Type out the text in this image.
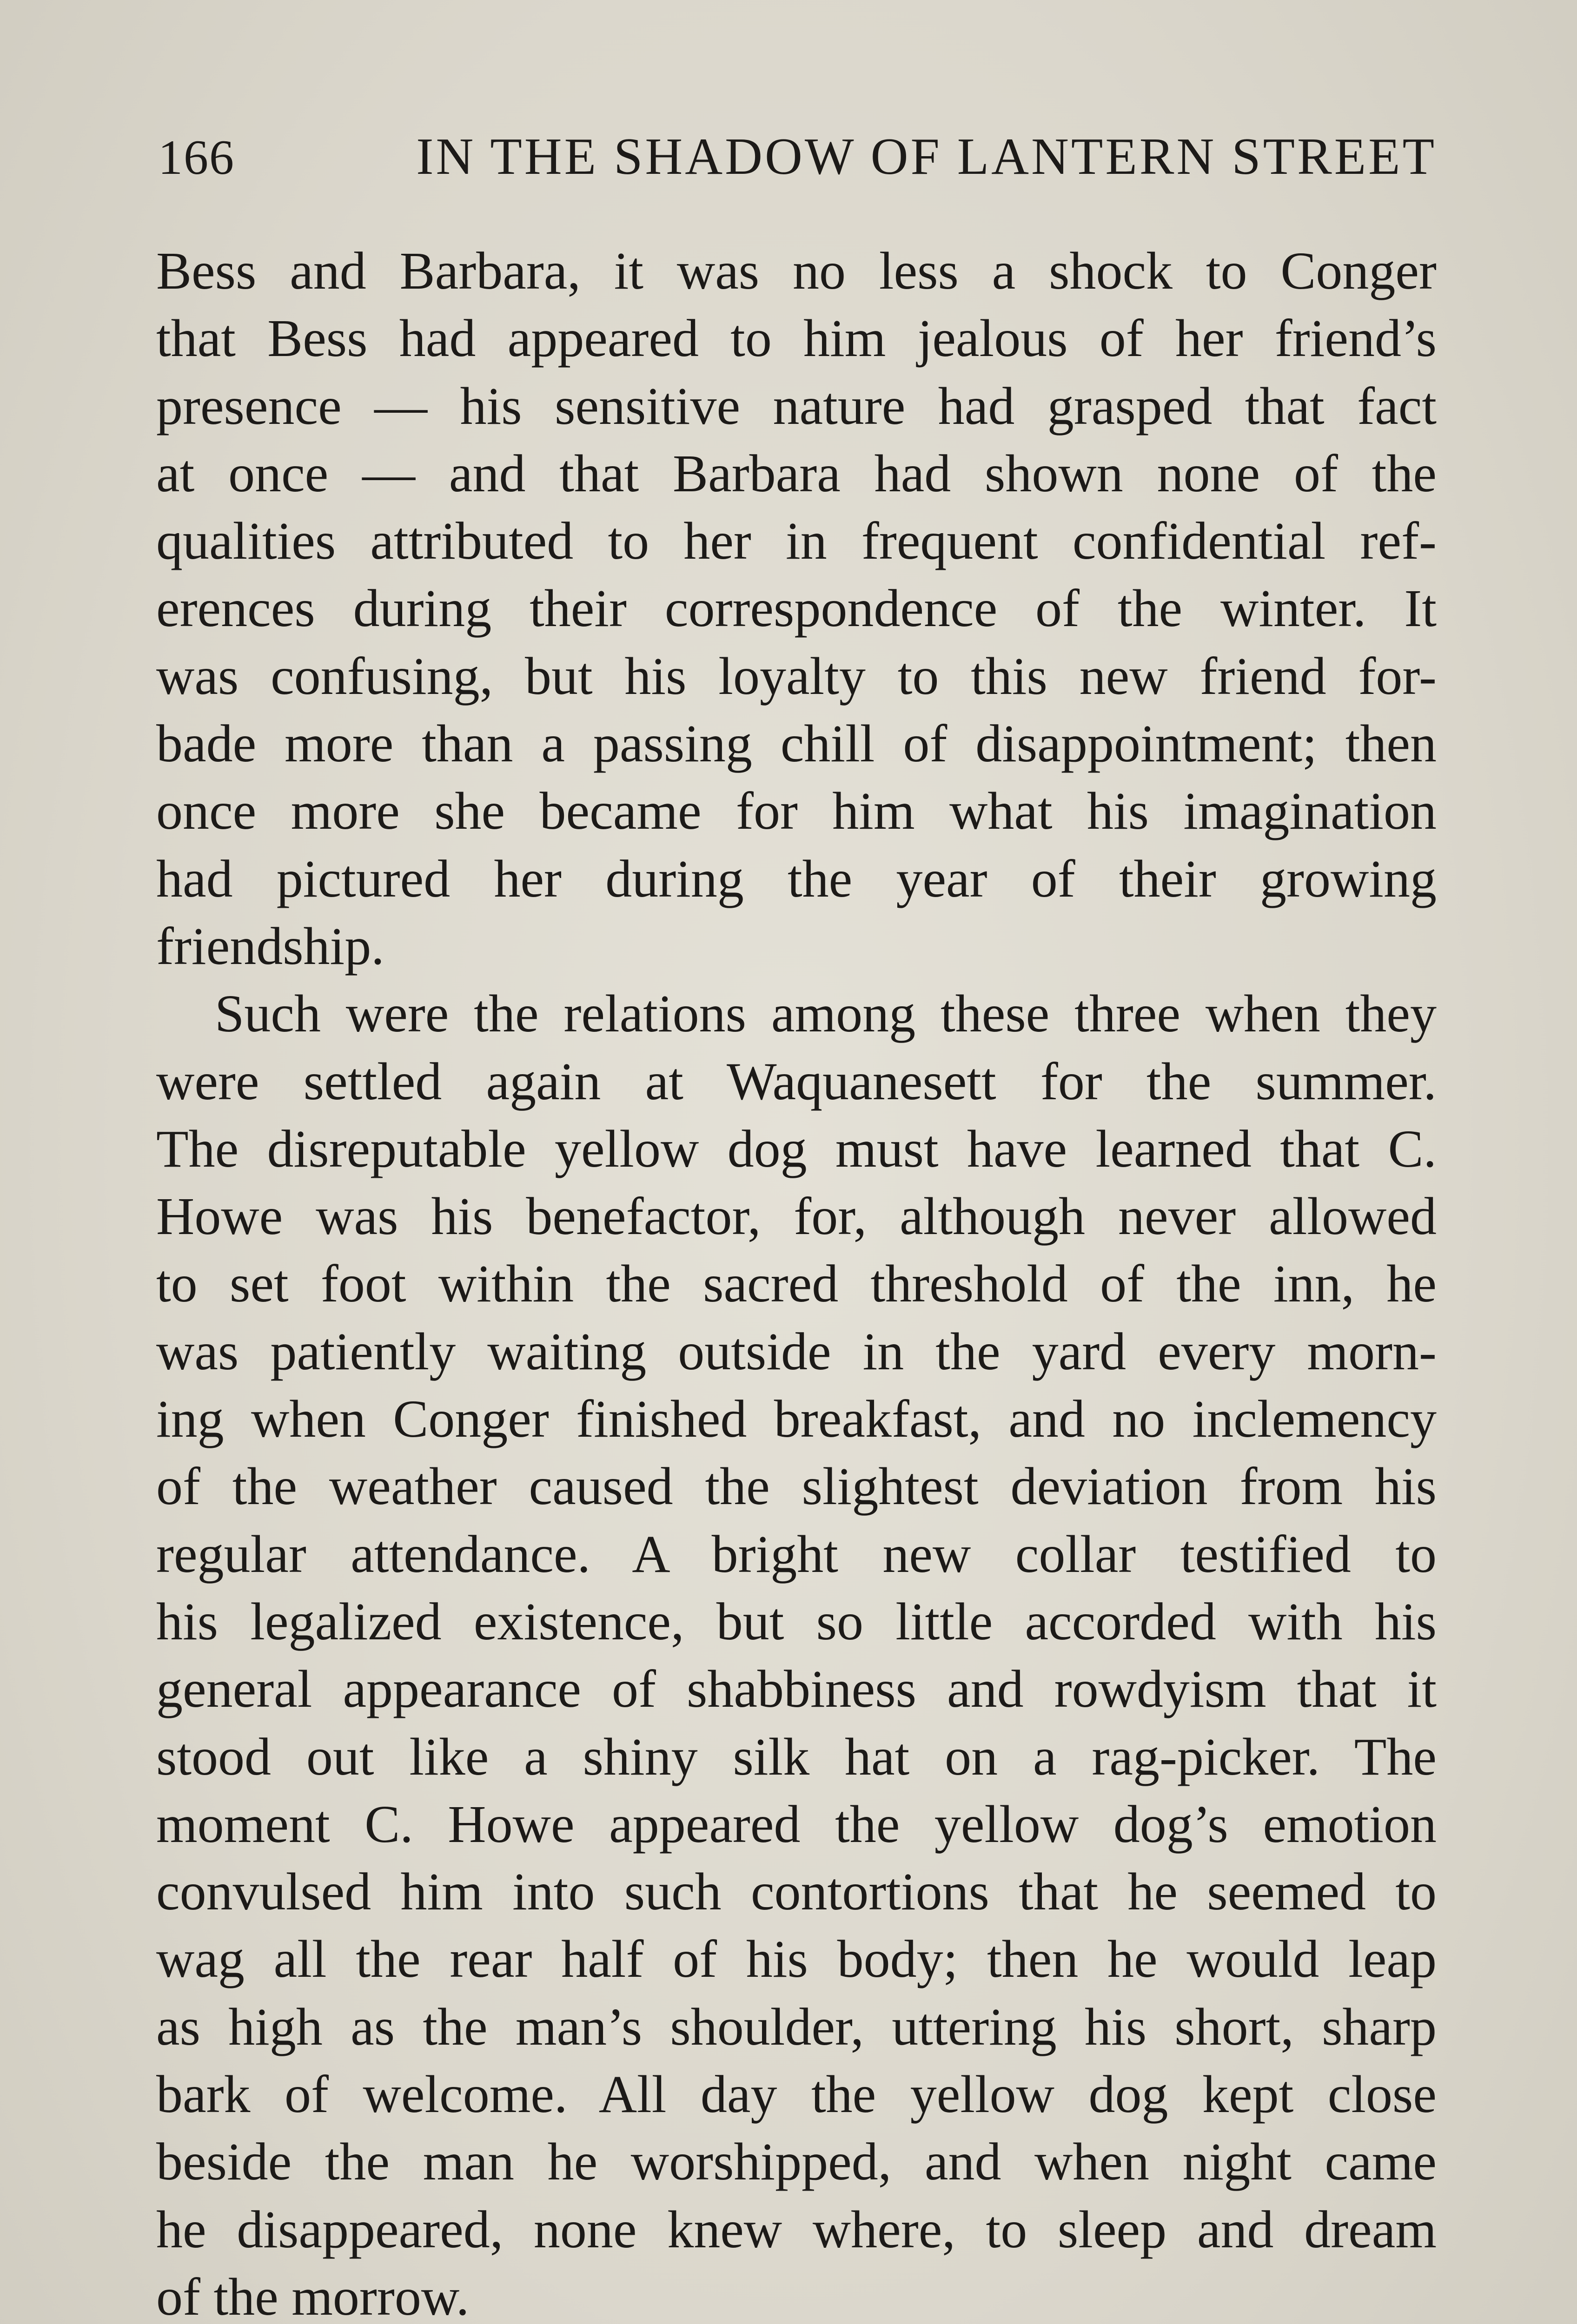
166	IN THE SHADOW OF LANTERN STREET
Bess and Barbara, it was no less a shock to Conger
that Bess had appeared to him jealous of her friend’s
presence — his sensitive nature had grasped that fact
at once — and that Barbara had shown none of the
qualities attributed to her in frequent confidential ref-
erences during their correspondence of the winter. It
was confusing, but his loyalty to this new friend for-
bade more than a passing chill of disappointment; then
once more she became for him what his imagination
had pictured her during the year of their growing
friendship.
Such were the relations among these three when they
were settled again at Waquanesett for the summer.
The disreputable yellow dog must have learned that C.
Howe was his benefactor, for, although never allowed
to set foot within the sacred threshold of the inn, he
was patiently waiting outside in the yard every morn-
ing when Conger finished breakfast, and no inclemency
of the weather caused the slightest deviation from his
regular attendance. A bright new collar testified to
his legalized existence, but so little accorded with his
general appearance of shabbiness and rowdyism that it
stood out like a shiny silk hat on a rag-picker. The
moment C. Howe appeared the yellow dog’s emotion
convulsed him into such contortions that he seemed to
wag all the rear half of his body; then he would leap
as high as the man’s shoulder, uttering his short, sharp
bark of welcome. All day the yellow dog kept close
beside the man he worshipped, and when night came
he disappeared, none knew where, to sleep and dream
of the morrow.
